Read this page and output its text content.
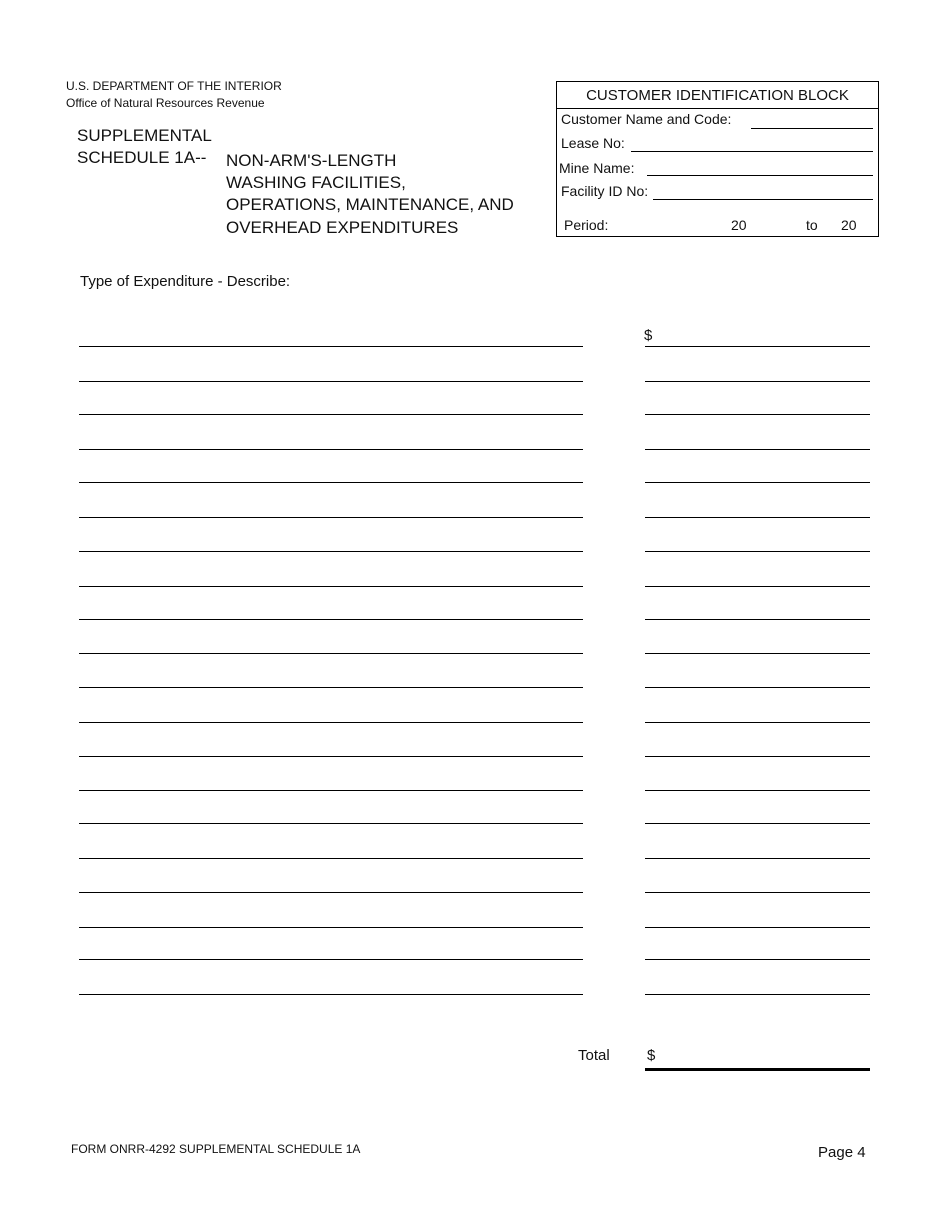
U.S. DEPARTMENT OF THE INTERIOR
Office of Natural Resources Revenue
SUPPLEMENTAL
SCHEDULE 1A-- NON-ARM'S-LENGTH
WASHING FACILITIES,
OPERATIONS, MAINTENANCE, AND
OVERHEAD EXPENDITURES
CUSTOMER IDENTIFICATION BLOCK
Customer Name and Code:
Lease No:
Mine Name:
Facility ID No:
Period:	20	to 20
Type of Expenditure - Describe:
$
Total $
FORM ONRR-4292 SUPPLEMENTAL SCHEDULE 1A	Page 4
